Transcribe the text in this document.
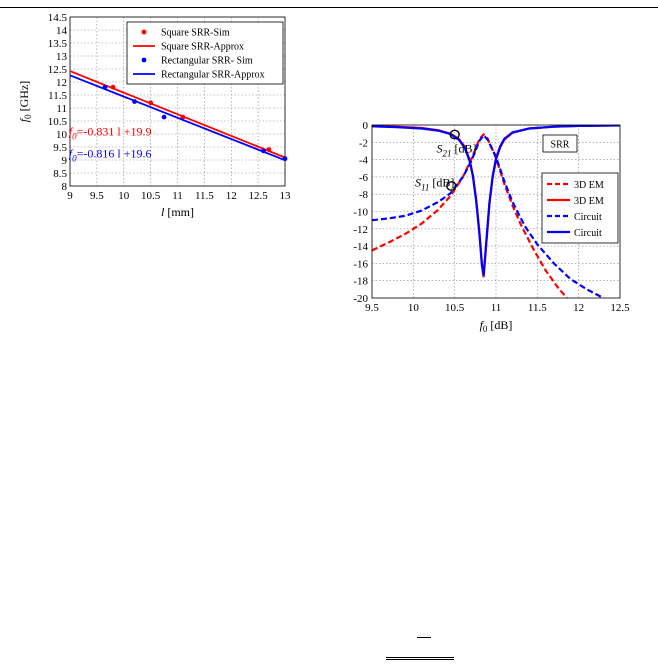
9 9.5 10 10.5 11 11.5 12 12.5 13
8
8.5
9
9.5
10
10.5
11
11.5
12
12.5
13
13.5
14
14.5
Square SRR-Sim
Square SRR-Approx
Rectangular SRR- Sim
Rectangular SRR-Approx
$f_0=-0.831$ l +19.9
$f_0=-0.816$ l +19.6
l [mm]
$f_0$ [GHz]
9.5	10 10.5 11 11.5 12 12.5
0
-2
-4
-6
-8
-10
-12
-14
-16
-18
-20
$S_{21}$ [dB]
$S_{11}$ [dB]
SRR
3D EM
3D EM
Circuit
Circuit
$f_0$ [dB]
